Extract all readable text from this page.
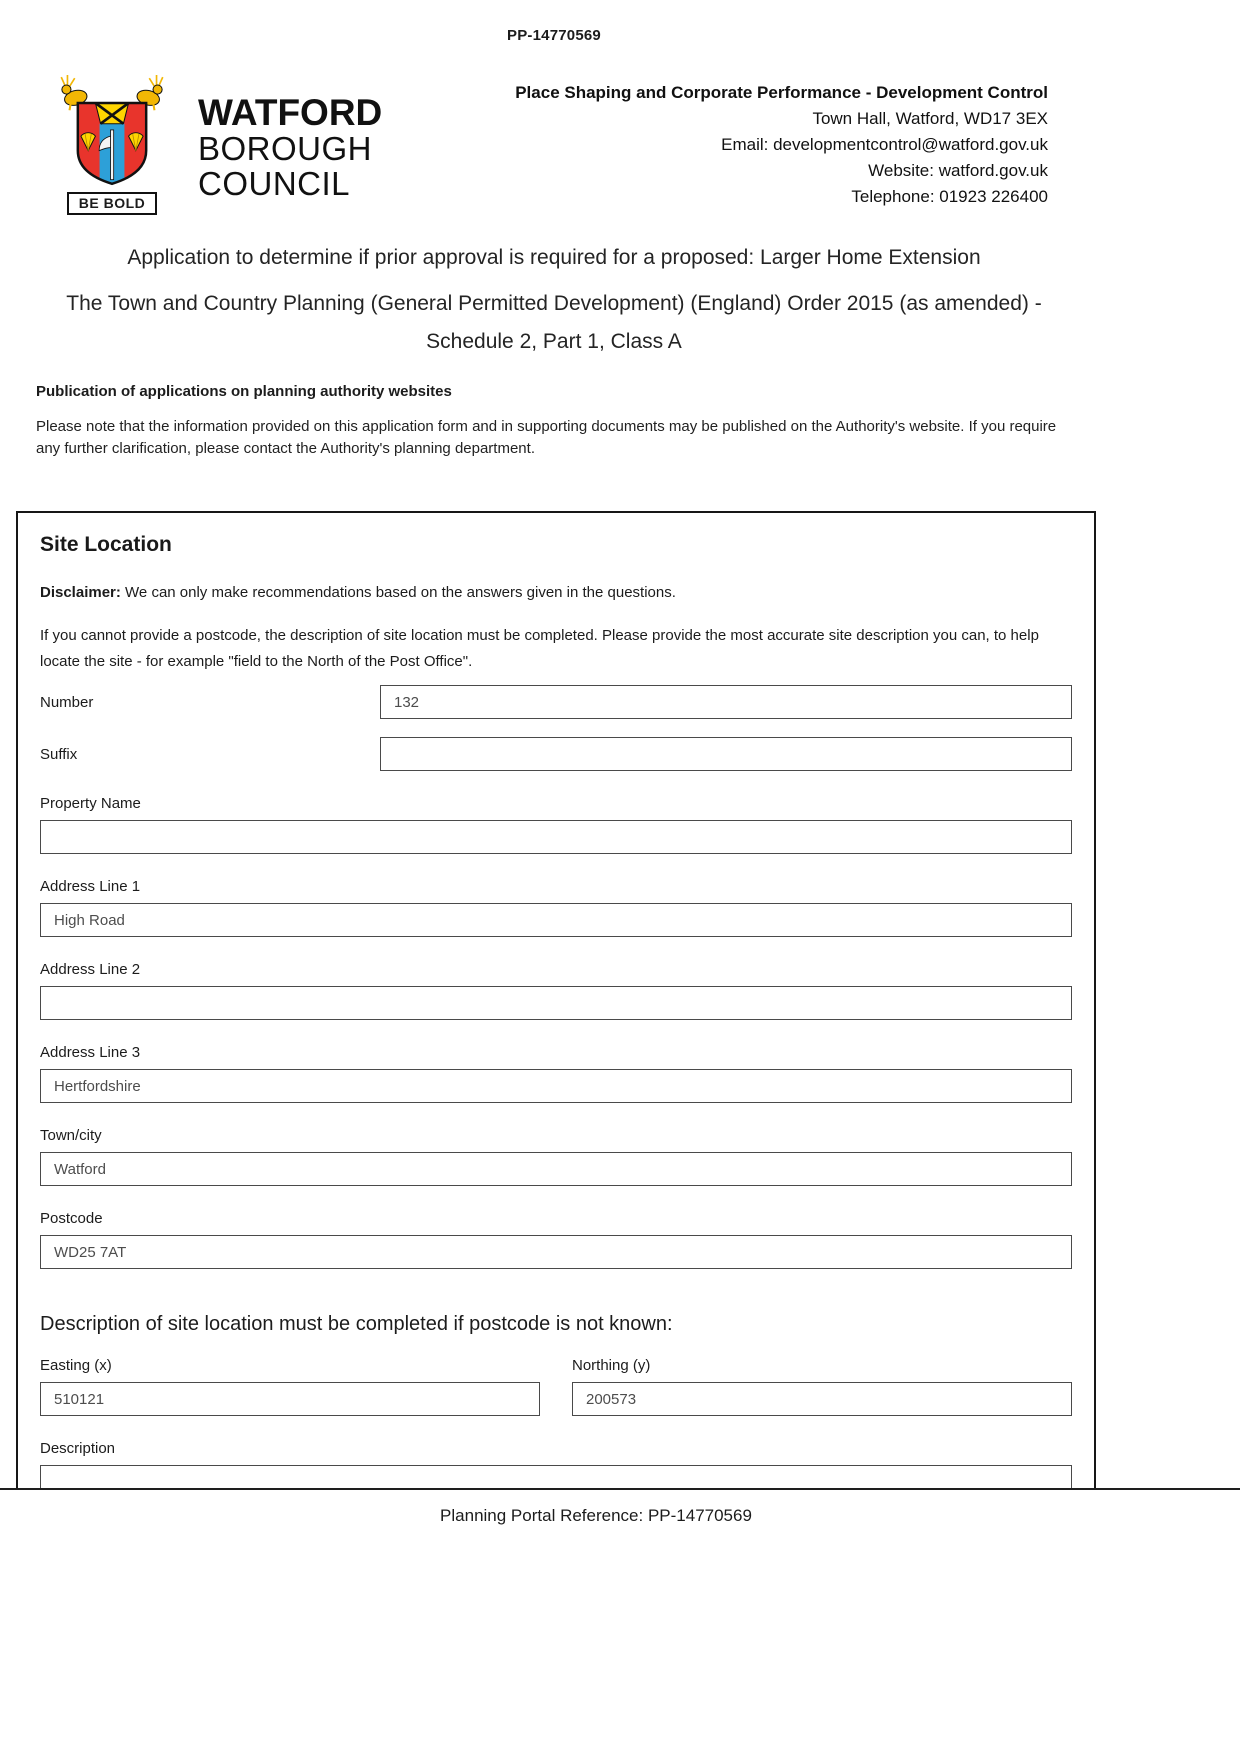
PP-14770569
BE BOLD
WATFORD
BOROUGH
COUNCIL
Place Shaping and Corporate Performance - Development Control
Town Hall, Watford, WD17 3EX
Email: developmentcontrol@watford.gov.uk
Website: watford.gov.uk
Telephone: 01923 226400
Application to determine if prior approval is required for a proposed: Larger Home Extension
The Town and Country Planning (General Permitted Development) (England) Order 2015 (as amended) - Schedule 2, Part 1, Class A
Publication of applications on planning authority websites
Please note that the information provided on this application form and in supporting documents may be published on the Authority's website. If you require any further clarification, please contact the Authority's planning department.
Site Location
Disclaimer: We can only make recommendations based on the answers given in the questions.
If you cannot provide a postcode, the description of site location must be completed. Please provide the most accurate site description you can, to help locate the site - for example "field to the North of the Post Office".
Number
132
Suffix
Property Name
Address Line 1
High Road
Address Line 2
Address Line 3
Hertfordshire
Town/city
Watford
Postcode
WD25 7AT
Description of site location must be completed if postcode is not known:
Easting (x)
510121	Northing (y)
200573
Description
Planning Portal Reference: PP-14770569
